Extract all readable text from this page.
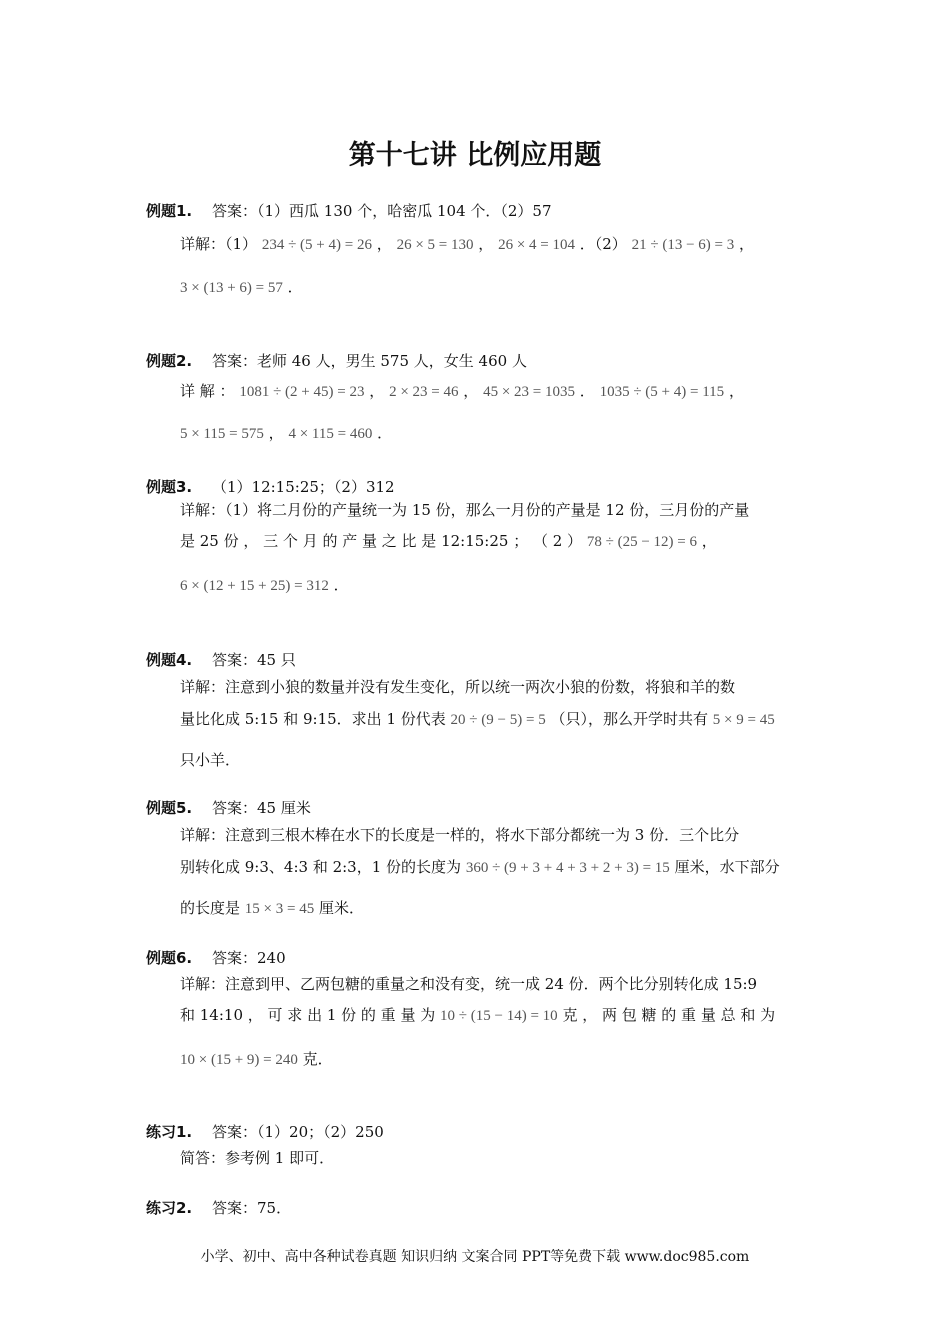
第十七讲 比例应用题
例题1. 答案：（1）西瓜 130 个，哈密瓜 104 个．（2）57
详解：（1） 234 ÷ (5 + 4) = 26 ， 26 × 5 = 130 ， 26 × 4 = 104 ．（2） 21 ÷ (13 − 6) = 3 ，
3 × (13 + 6) = 57 ．
例题2. 答案：老师 46 人，男生 575 人，女生 460 人
详 解 ： 1081 ÷ (2 + 45) = 23 ， 2 × 23 = 46 ， 45 × 23 = 1035 ． 1035 ÷ (5 + 4) = 115 ，
5 × 115 = 575 ， 4 × 115 = 460 ．
例题3. （1）12:15:25；（2）312
详解：（1）将二月份的产量统一为 15 份，那么一月份的产量是 12 份，三月份的产量
是 25 份 ， 三 个 月 的 产 量 之 比 是 12:15:25 ； （ 2 ） 78 ÷ (25 − 12) = 6 ，
6 × (12 + 15 + 25) = 312 ．
例题4. 答案：45 只
详解：注意到小狼的数量并没有发生变化，所以统一两次小狼的份数，将狼和羊的数
量比化成 5:15 和 9:15．求出 1 份代表 20 ÷ (9 − 5) = 5 （只），那么开学时共有 5 × 9 = 45
只小羊．
例题5. 答案：45 厘米
详解：注意到三根木棒在水下的长度是一样的，将水下部分都统一为 3 份．三个比分
别转化成 9:3、4:3 和 2:3，1 份的长度为 360 ÷ (9 + 3 + 4 + 3 + 2 + 3) = 15 厘米，水下部分
的长度是 15 × 3 = 45 厘米．
例题6. 答案：240
详解：注意到甲、乙两包糖的重量之和没有变，统一成 24 份．两个比分别转化成 15:9
和 14:10 ， 可 求 出 1 份 的 重 量 为 10 ÷ (15 − 14) = 10 克 ， 两 包 糖 的 重 量 总 和 为
10 × (15 + 9) = 240 克．
练习1. 答案：（1）20；（2）250
简答：参考例 1 即可．
练习2. 答案：75．
小学、初中、高中各种试卷真题 知识归纳 文案合同 PPT等免费下载 www.doc985.com
